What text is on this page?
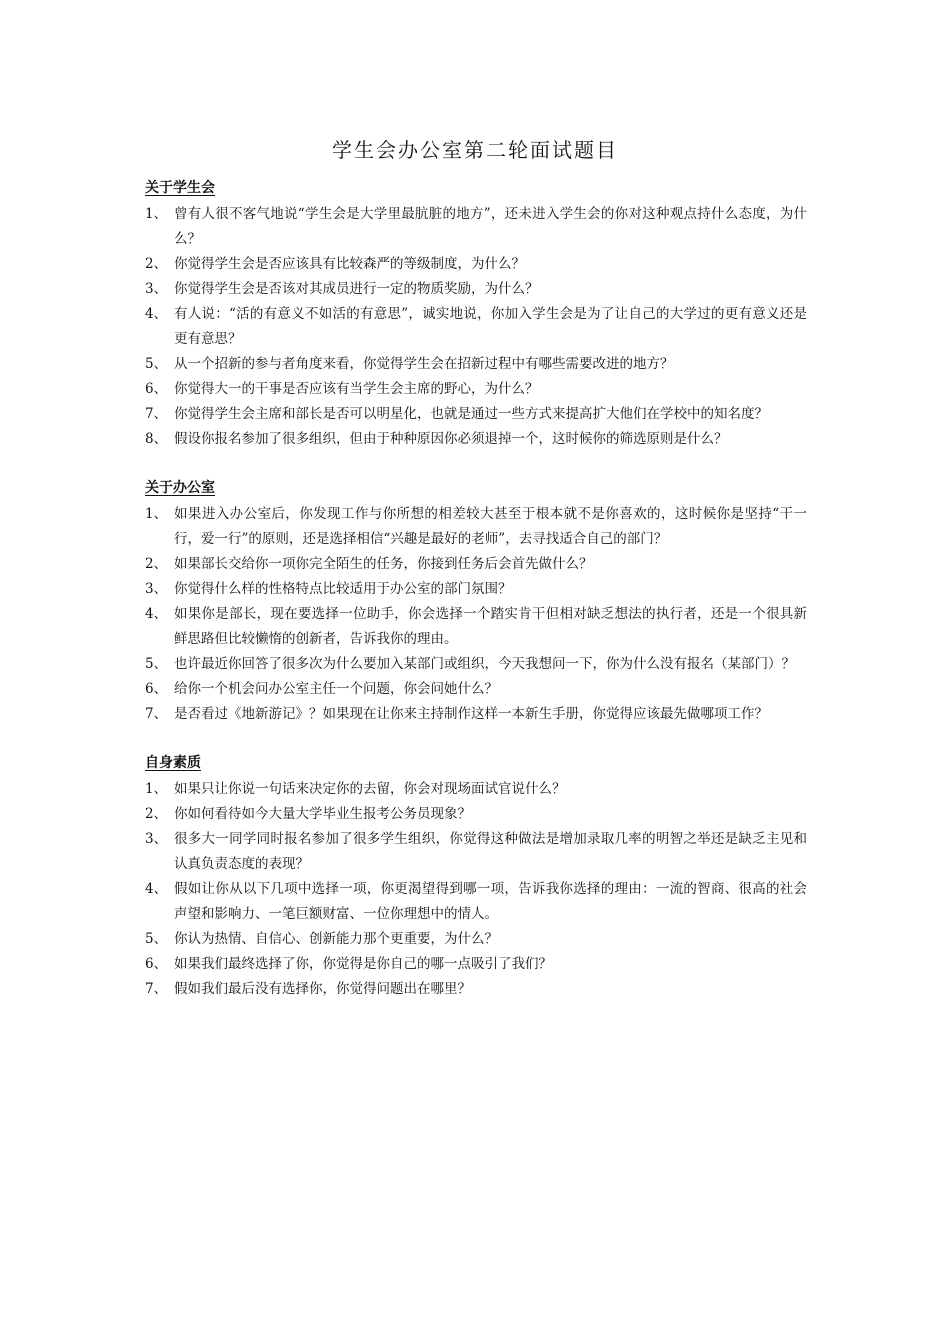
学生会办公室第二轮面试题目
关于学生会
1、 曾有人很不客气地说“学生会是大学里最肮脏的地方”，还未进入学生会的你对这种观点持什么态度，为什么？
2、 你觉得学生会是否应该具有比较森严的等级制度，为什么？
3、 你觉得学生会是否该对其成员进行一定的物质奖励，为什么？
4、 有人说：“活的有意义不如活的有意思”，诚实地说，你加入学生会是为了让自己的大学过的更有意义还是更有意思？
5、 从一个招新的参与者角度来看，你觉得学生会在招新过程中有哪些需要改进的地方？
6、 你觉得大一的干事是否应该有当学生会主席的野心，为什么？
7、 你觉得学生会主席和部长是否可以明星化，也就是通过一些方式来提高扩大他们在学校中的知名度？
8、 假设你报名参加了很多组织，但由于种种原因你必须退掉一个，这时候你的筛选原则是什么？
关于办公室
1、 如果进入办公室后，你发现工作与你所想的相差较大甚至于根本就不是你喜欢的，这时候你是坚持“干一行，爱一行”的原则，还是选择相信“兴趣是最好的老师”，去寻找适合自己的部门？
2、 如果部长交给你一项你完全陌生的任务，你接到任务后会首先做什么？
3、 你觉得什么样的性格特点比较适用于办公室的部门氛围？
4、 如果你是部长，现在要选择一位助手，你会选择一个踏实肯干但相对缺乏想法的执行者，还是一个很具新鲜思路但比较懒惰的创新者，告诉我你的理由。
5、 也许最近你回答了很多次为什么要加入某部门或组织，今天我想问一下，你为什么没有报名（某部门）？
6、 给你一个机会问办公室主任一个问题，你会问她什么？
7、 是否看过《地新游记》？如果现在让你来主持制作这样一本新生手册，你觉得应该最先做哪项工作？
自身素质
1、 如果只让你说一句话来决定你的去留，你会对现场面试官说什么？
2、 你如何看待如今大量大学毕业生报考公务员现象？
3、 很多大一同学同时报名参加了很多学生组织，你觉得这种做法是增加录取几率的明智之举还是缺乏主见和认真负责态度的表现？
4、 假如让你从以下几项中选择一项，你更渴望得到哪一项，告诉我你选择的理由：一流的智商、很高的社会声望和影响力、一笔巨额财富、一位你理想中的情人。
5、 你认为热情、自信心、创新能力那个更重要，为什么？
6、 如果我们最终选择了你，你觉得是你自己的哪一点吸引了我们？
7、 假如我们最后没有选择你，你觉得问题出在哪里？
